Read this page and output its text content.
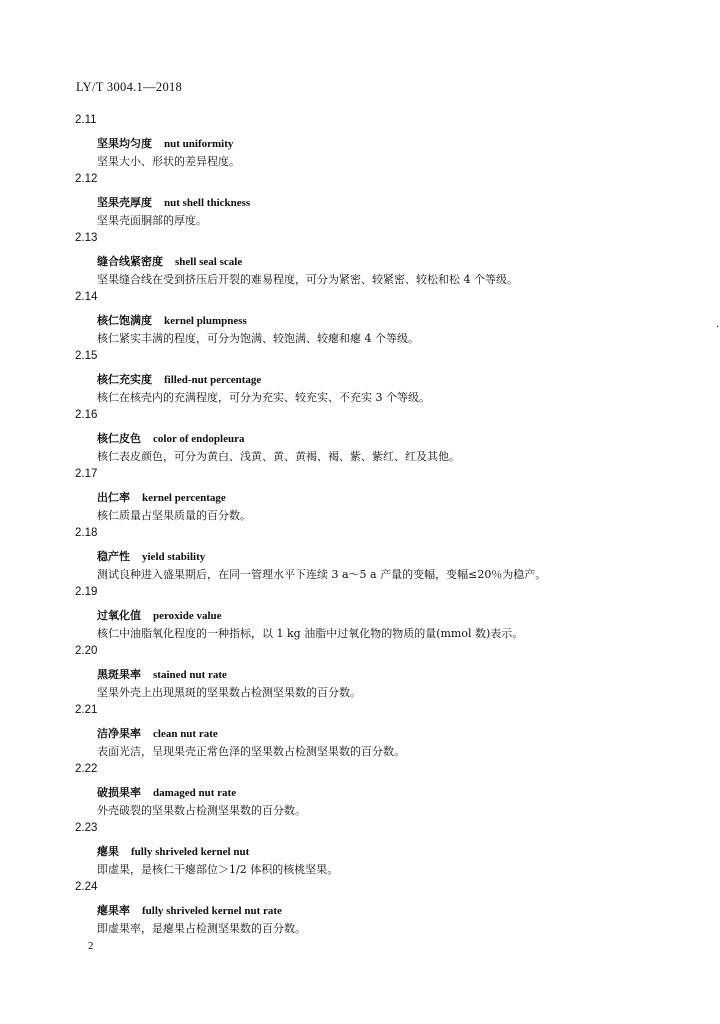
LY/T 3004.1—2018
2.11
坚果均匀度 nut uniformity
坚果大小、形状的差异程度。
2.12
坚果壳厚度 nut shell thickness
坚果壳面胴部的厚度。
2.13
缝合线紧密度 shell seal scale
坚果缝合线在受到挤压后开裂的难易程度，可分为紧密、较紧密、较松和松 4 个等级。
2.14
核仁饱满度 kernel plumpness
核仁紧实丰满的程度，可分为饱满、较饱满、较瘪和瘪 4 个等级。
2.15
核仁充实度 filled-nut percentage
核仁在核壳内的充满程度，可分为充实、较充实、不充实 3 个等级。
2.16
核仁皮色 color of endopleura
核仁表皮颜色，可分为黄白、浅黄、黄、黄褐、褐、紫、紫红、红及其他。
2.17
出仁率 kernel percentage
核仁质量占坚果质量的百分数。
2.18
稳产性 yield stability
测试良种进入盛果期后，在同一管理水平下连续 3 a～5 a 产量的变幅，变幅≤20％为稳产。
2.19
过氧化值 peroxide value
核仁中油脂氧化程度的一种指标，以 1 kg 油脂中过氧化物的物质的量(mmol 数)表示。
2.20
黑斑果率 stained nut rate
坚果外壳上出现黑斑的坚果数占检测坚果数的百分数。
2.21
洁净果率 clean nut rate
表面光洁，呈现果壳正常色泽的坚果数占检测坚果数的百分数。
2.22
破损果率 damaged nut rate
外壳破裂的坚果数占检测坚果数的百分数。
2.23
瘪果 fully shriveled kernel nut
即虚果，是核仁干瘪部位＞1/2 体积的核桃坚果。
2.24
瘪果率 fully shriveled kernel nut rate
即虚果率，是瘪果占检测坚果数的百分数。
·
2
